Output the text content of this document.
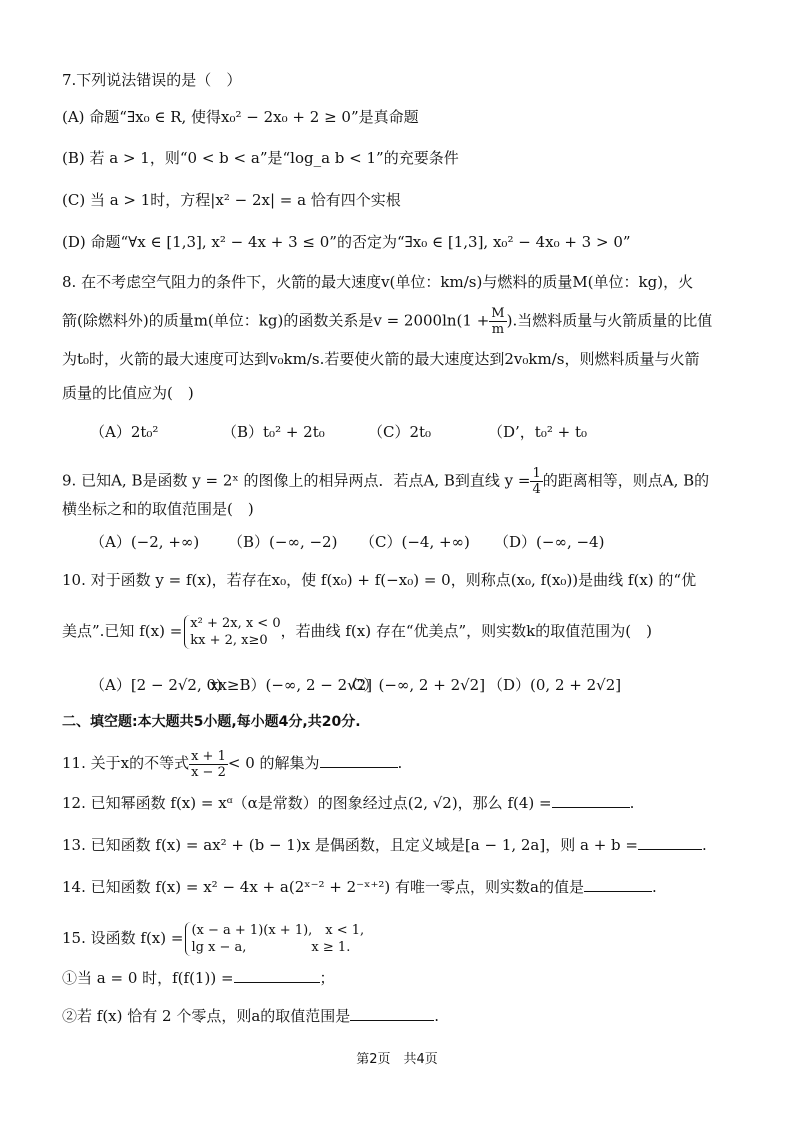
7.下列说法错误的是（　）
(A) 命题“∃x₀ ∈ R, 使得x₀² − 2x₀ + 2 ≥ 0”是真命题
(B) 若 a > 1，则“0 < b < a”是“log_a b < 1”的充要条件
(C) 当 a > 1时，方程|x² − 2x| = a 恰有四个实根
(D) 命题“∀x ∈ [1,3], x² − 4x + 3 ≤ 0”的否定为“∃x₀ ∈ [1,3], x₀² − 4x₀ + 3 > 0”
8. 在不考虑空气阻力的条件下，火箭的最大速度v(单位：km/s)与燃料的质量M(单位：kg)，火
箭(除燃料外)的质量m(单位：kg)的函数关系是$v = 2000\ln(1 + \frac{M}{m}$ ).当燃料质量与火箭质量的比值
为t₀时，火箭的最大速度可达到v₀km/s.若要使火箭的最大速度达到2v₀km/s，则燃料质量与火箭
质量的比值应为(　)
（A）2t₀²	（B）t₀² + 2t₀	（C）2t₀	（D’，t₀² + t₀
9. 已知A, B是函数 y = 2ˣ 的图像上的相异两点．若点A, B到直线 $y = \frac{1}{4}$ 的距离相等，则点A, B的
横坐标之和的取值范围是(　)
（A）(−2, +∞) （B）(−∞, −2) （C）(−4, +∞) （D）(−∞, −4)
10. 对于函数 y = f(x)，若存在x₀，使 f(x₀) + f(−x₀) = 0，则称点(x₀, f(x₀))是曲线 f(x) 的“优
美点”.已知 f(x) = x² + 2x, x < 0
kx + 2, x≥0
，若曲线 f(x) 存在“优美点”，则实数k的取值范围为(　)
（A）[2 − 2√2, 0)
xx≥B）(−∞, 2 − 2√2]
C）(−∞, 2 + 2√2] （D）(0, 2 + 2√2]
二、填空题:本大题共5小题,每小题4分,共20分.
11. 关于x的不等式 $\frac{x + 1}{x - 2} < 0$ 的解集为	.
12. 已知幂函数 f(x) = xᵅ（α是常数）的图象经过点(2, √2)，那么 f(4) =	.
13. 已知函数 f(x) = ax² + (b − 1)x 是偶函数，且定义域是[a − 1, 2a]，则 a + b =	.
14. 已知函数 f(x) = x² − 4x + a(2ˣ⁻² + 2⁻ˣ⁺²) 有唯一零点，则实数a的值是	.
15. 设函数 f(x) = (x − a + 1)(x + 1),　x < 1,
lg x − a,　　　　　x ≥ 1.
①当 a = 0 时，f(f(1)) =	；
②若 f(x) 恰有 2 个零点，则a的取值范围是	.
第2页　共4页
